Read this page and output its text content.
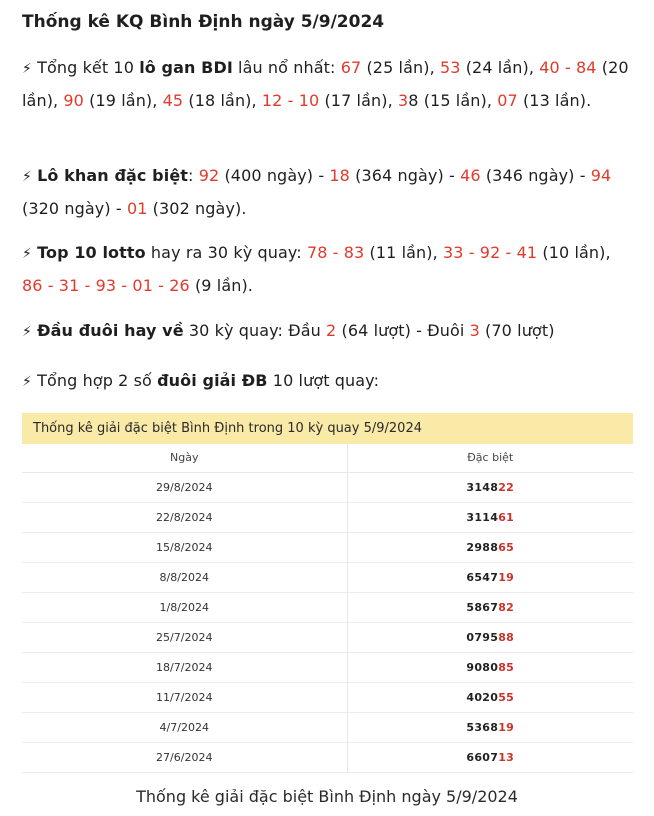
Thống kê KQ Bình Định ngày 5/9/2024
⚡ Tổng kết 10 lô gan BDI lâu nổ nhất: 67 (25 lần), 53 (24 lần), 40 - 84 (20 lần), 90 (19 lần), 45 (18 lần), 12 - 10 (17 lần), 38 (15 lần), 07 (13 lần).
⚡ Lô khan đặc biệt: 92 (400 ngày) - 18 (364 ngày) - 46 (346 ngày) - 94 (320 ngày) - 01 (302 ngày).
⚡ Top 10 lotto hay ra 30 kỳ quay: 78 - 83 (11 lần), 33 - 92 - 41 (10 lần), 86 - 31 - 93 - 01 - 26 (9 lần).
⚡ Đầu đuôi hay về 30 kỳ quay: Đầu 2 (64 lượt) - Đuôi 3 (70 lượt)
⚡ Tổng hợp 2 số đuôi giải ĐB 10 lượt quay:
Thống kê giải đặc biệt Bình Định trong 10 kỳ quay 5/9/2024
Ngày	Đặc biệt
29/8/2024	314822
22/8/2024	311461
15/8/2024	298865
8/8/2024	654719
1/8/2024	586782
25/7/2024	079588
18/7/2024	908085
11/7/2024	402055
4/7/2024	536819
27/6/2024	660713
Thống kê giải đặc biệt Bình Định ngày 5/9/2024
